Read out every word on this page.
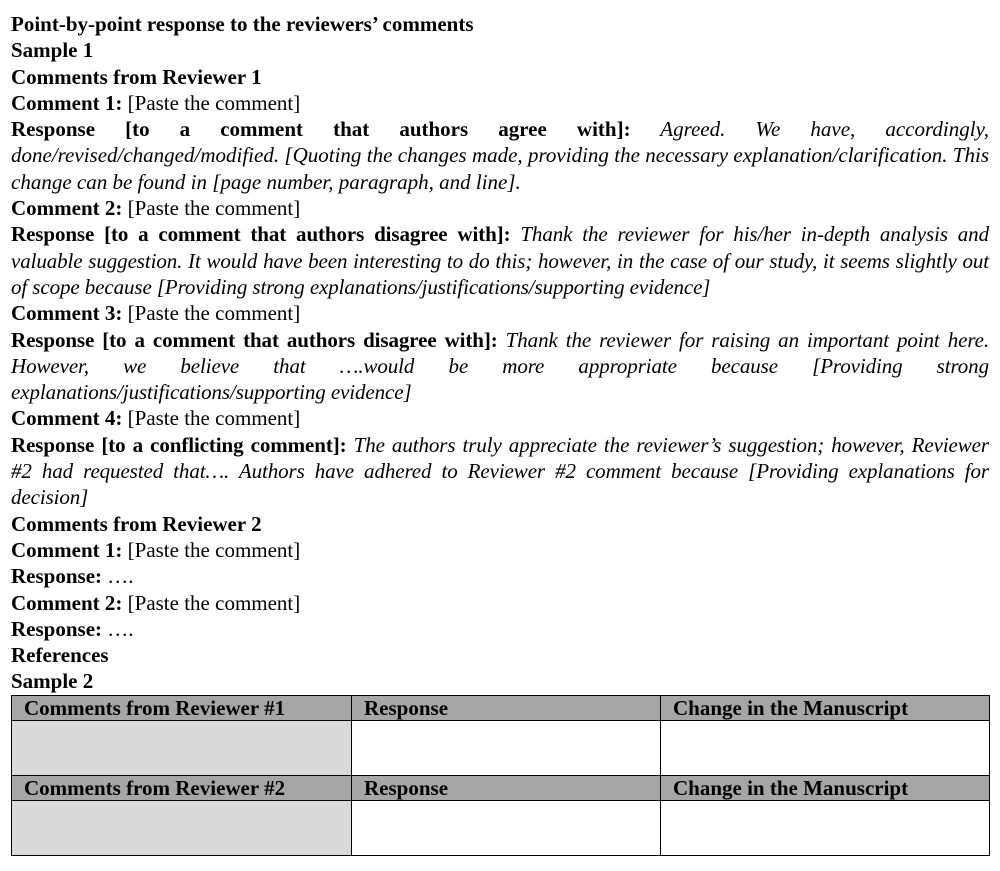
Point-by-point response to the reviewers’ comments
Sample 1
Comments from Reviewer 1
Comment 1: [Paste the comment]
Response [to a comment that authors agree with]: Agreed. We have, accordingly, done/revised/changed/modified. [Quoting the changes made, providing the necessary explanation/clarification. This change can be found in [page number, paragraph, and line].
Comment 2: [Paste the comment]
Response [to a comment that authors disagree with]: Thank the reviewer for his/her in-depth analysis and valuable suggestion. It would have been interesting to do this; however, in the case of our study, it seems slightly out of scope because [Providing strong explanations/justifications/supporting evidence]
Comment 3: [Paste the comment]
Response [to a comment that authors disagree with]: Thank the reviewer for raising an important point here. However, we believe that ….would be more appropriate because [Providing strong explanations/justifications/supporting evidence]
Comment 4: [Paste the comment]
Response [to a conflicting comment]: The authors truly appreciate the reviewer’s suggestion; however, Reviewer #2 had requested that…. Authors have adhered to Reviewer #2 comment because [Providing explanations for decision]
Comments from Reviewer 2
Comment 1: [Paste the comment]
Response: ….
Comment 2: [Paste the comment]
Response: ….
References
Sample 2
Comments from Reviewer #1	Response	Change in the Manuscript

Comments from Reviewer #2	Response	Change in the Manuscript
